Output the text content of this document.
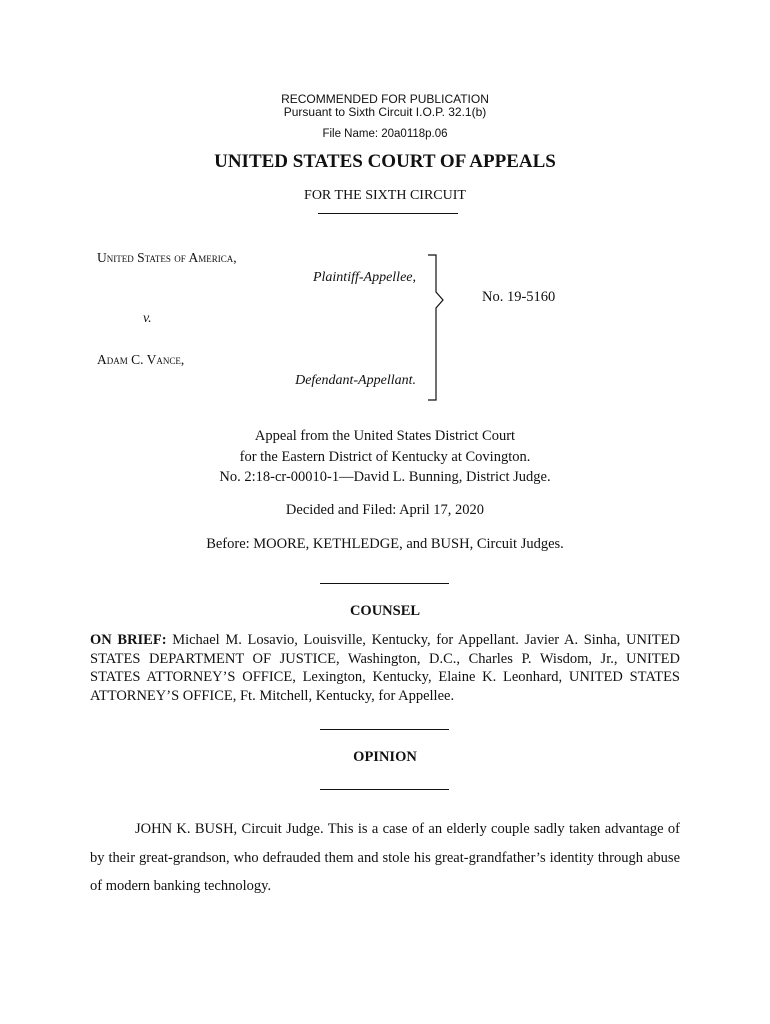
RECOMMENDED FOR PUBLICATION
Pursuant to Sixth Circuit I.O.P. 32.1(b)
File Name: 20a0118p.06
UNITED STATES COURT OF APPEALS
FOR THE SIXTH CIRCUIT
United States of America,
Plaintiff-Appellee,
v.
Adam C. Vance,
Defendant-Appellant.
No. 19-5160
Appeal from the United States District Court
for the Eastern District of Kentucky at Covington.
No. 2:18-cr-00010-1—David L. Bunning, District Judge.
Decided and Filed: April 17, 2020
Before: MOORE, KETHLEDGE, and BUSH, Circuit Judges.
COUNSEL
ON BRIEF: Michael M. Losavio, Louisville, Kentucky, for Appellant. Javier A. Sinha, UNITED STATES DEPARTMENT OF JUSTICE, Washington, D.C., Charles P. Wisdom, Jr., UNITED STATES ATTORNEY’S OFFICE, Lexington, Kentucky, Elaine K. Leonhard, UNITED STATES ATTORNEY’S OFFICE, Ft. Mitchell, Kentucky, for Appellee.
OPINION
JOHN K. BUSH, Circuit Judge. This is a case of an elderly couple sadly taken advantage of by their great-grandson, who defrauded them and stole his great-grandfather’s identity through abuse of modern banking technology.
